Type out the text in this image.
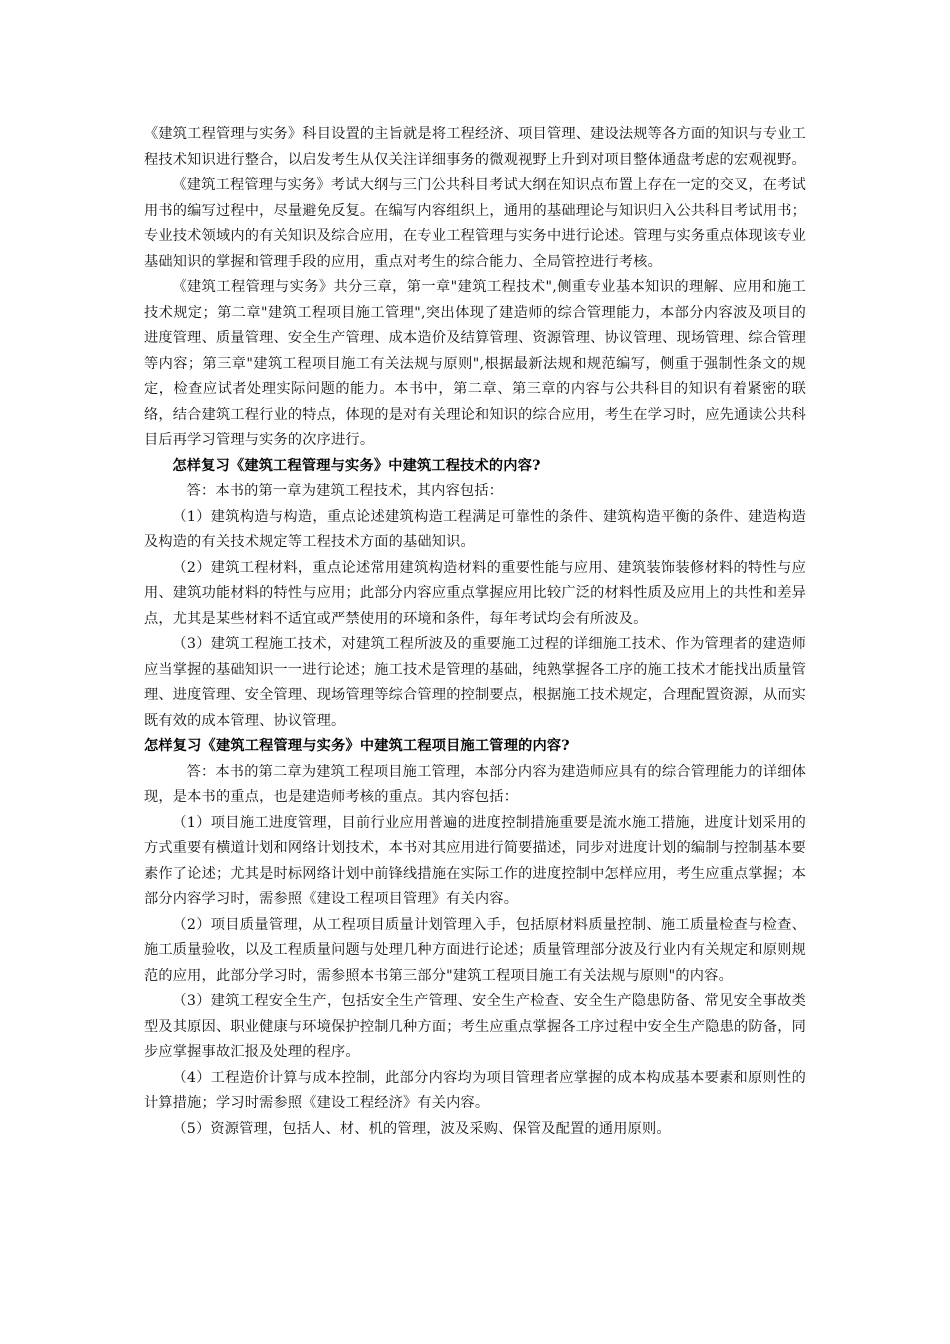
《建筑工程管理与实务》科目设置的主旨就是将工程经济、项目管理、建设法规等各方面的知识与专业工程技术知识进行整合，以启发考生从仅关注详细事务的微观视野上升到对项目整体通盘考虑的宏观视野。

《建筑工程管理与实务》考试大纲与三门公共科目考试大纲在知识点布置上存在一定的交叉，在考试用书的编写过程中，尽量避免反复。在编写内容组织上，通用的基础理论与知识归入公共科目考试用书；专业技术领域内的有关知识及综合应用，在专业工程管理与实务中进行论述。管理与实务重点体现该专业基础知识的掌握和管理手段的应用，重点对考生的综合能力、全局管控进行考核。

《建筑工程管理与实务》共分三章，第一章"建筑工程技术",侧重专业基本知识的理解、应用和施工技术规定；第二章"建筑工程项目施工管理",突出体现了建造师的综合管理能力，本部分内容波及项目的进度管理、质量管理、安全生产管理、成本造价及结算管理、资源管理、协议管理、现场管理、综合管理等内容；第三章"建筑工程项目施工有关法规与原则",根据最新法规和规范编写，侧重于强制性条文的规定，检查应试者处理实际问题的能力。本书中，第二章、第三章的内容与公共科目的知识有着紧密的联络，结合建筑工程行业的特点，体现的是对有关理论和知识的综合应用，考生在学习时，应先通读公共科目后再学习管理与实务的次序进行。

怎样复习《建筑工程管理与实务》中建筑工程技术的内容?

答：本书的第一章为建筑工程技术，其内容包括：

（1）建筑构造与构造，重点论述建筑构造工程满足可靠性的条件、建筑构造平衡的条件、建造构造及构造的有关技术规定等工程技术方面的基础知识。

（2）建筑工程材料，重点论述常用建筑构造材料的重要性能与应用、建筑装饰装修材料的特性与应用、建筑功能材料的特性与应用；此部分内容应重点掌握应用比较广泛的材料性质及应用上的共性和差异点，尤其是某些材料不适宜或严禁使用的环境和条件，每年考试均会有所波及。

（3）建筑工程施工技术，对建筑工程所波及的重要施工过程的详细施工技术、作为管理者的建造师应当掌握的基础知识一一进行论述；施工技术是管理的基础，纯熟掌握各工序的施工技术才能找出质量管理、进度管理、安全管理、现场管理等综合管理的控制要点，根据施工技术规定，合理配置资源，从而实既有效的成本管理、协议管理。

怎样复习《建筑工程管理与实务》中建筑工程项目施工管理的内容?

答：本书的第二章为建筑工程项目施工管理，本部分内容为建造师应具有的综合管理能力的详细体现，是本书的重点，也是建造师考核的重点。其内容包括：

（1）项目施工进度管理，目前行业应用普遍的进度控制措施重要是流水施工措施，进度计划采用的方式重要有横道计划和网络计划技术，本书对其应用进行简要描述，同步对进度计划的编制与控制基本要素作了论述；尤其是时标网络计划中前锋线措施在实际工作的进度控制中怎样应用，考生应重点掌握；本部分内容学习时，需参照《建设工程项目管理》有关内容。

（2）项目质量管理，从工程项目质量计划管理入手，包括原材料质量控制、施工质量检查与检查、施工质量验收，以及工程质量问题与处理几种方面进行论述；质量管理部分波及行业内有关规定和原则规范的应用，此部分学习时，需参照本书第三部分"建筑工程项目施工有关法规与原则"的内容。

（3）建筑工程安全生产，包括安全生产管理、安全生产检查、安全生产隐患防备、常见安全事故类型及其原因、职业健康与环境保护控制几种方面；考生应重点掌握各工序过程中安全生产隐患的防备，同步应掌握事故汇报及处理的程序。

（4）工程造价计算与成本控制，此部分内容均为项目管理者应掌握的成本构成基本要素和原则性的计算措施；学习时需参照《建设工程经济》有关内容。

（5）资源管理，包括人、材、机的管理，波及采购、保管及配置的通用原则。
